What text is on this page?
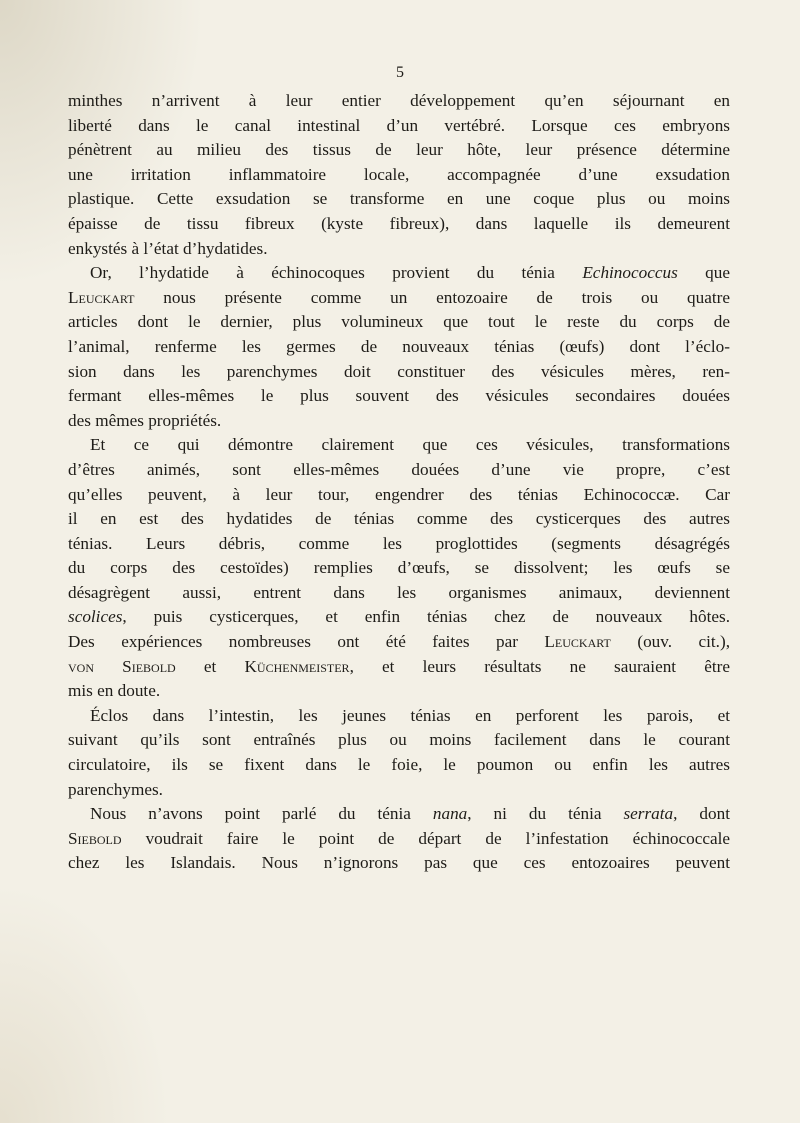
5
minthes n’arrivent à leur entier développement qu’en séjournant en
liberté dans le canal intestinal d’un vertébré. Lorsque ces embryons
pénètrent au milieu des tissus de leur hôte, leur présence détermine
une irritation inflammatoire locale, accompagnée d’une exsudation
plastique. Cette exsudation se transforme en une coque plus ou moins
épaisse de tissu fibreux (kyste fibreux), dans laquelle ils demeurent
enkystés à l’état d’hydatides.
Or, l’hydatide à échinocoques provient du ténia Echinococcus que
Leuckart nous présente comme un entozoaire de trois ou quatre
articles dont le dernier, plus volumineux que tout le reste du corps de
l’animal, renferme les germes de nouveaux ténias (œufs) dont l’éclo-
sion dans les parenchymes doit constituer des vésicules mères, ren-
fermant elles-mêmes le plus souvent des vésicules secondaires douées
des mêmes propriétés.
Et ce qui démontre clairement que ces vésicules, transformations
d’êtres animés, sont elles-mêmes douées d’une vie propre, c’est
qu’elles peuvent, à leur tour, engendrer des ténias Echinococcæ. Car
il en est des hydatides de ténias comme des cysticerques des autres
ténias. Leurs débris, comme les proglottides (segments désagrégés
du corps des cestoïdes) remplies d’œufs, se dissolvent; les œufs se
désagrègent aussi, entrent dans les organismes animaux, deviennent
scolices, puis cysticerques, et enfin ténias chez de nouveaux hôtes.
Des expériences nombreuses ont été faites par Leuckart (ouv. cit.),
von Siebold et Küchenmeister, et leurs résultats ne sauraient être
mis en doute.
Éclos dans l’intestin, les jeunes ténias en perforent les parois, et
suivant qu’ils sont entraînés plus ou moins facilement dans le courant
circulatoire, ils se fixent dans le foie, le poumon ou enfin les autres
parenchymes.
Nous n’avons point parlé du ténia nana, ni du ténia serrata, dont
Siebold voudrait faire le point de départ de l’infestation échinococcale
chez les Islandais. Nous n’ignorons pas que ces entozoaires peuvent
